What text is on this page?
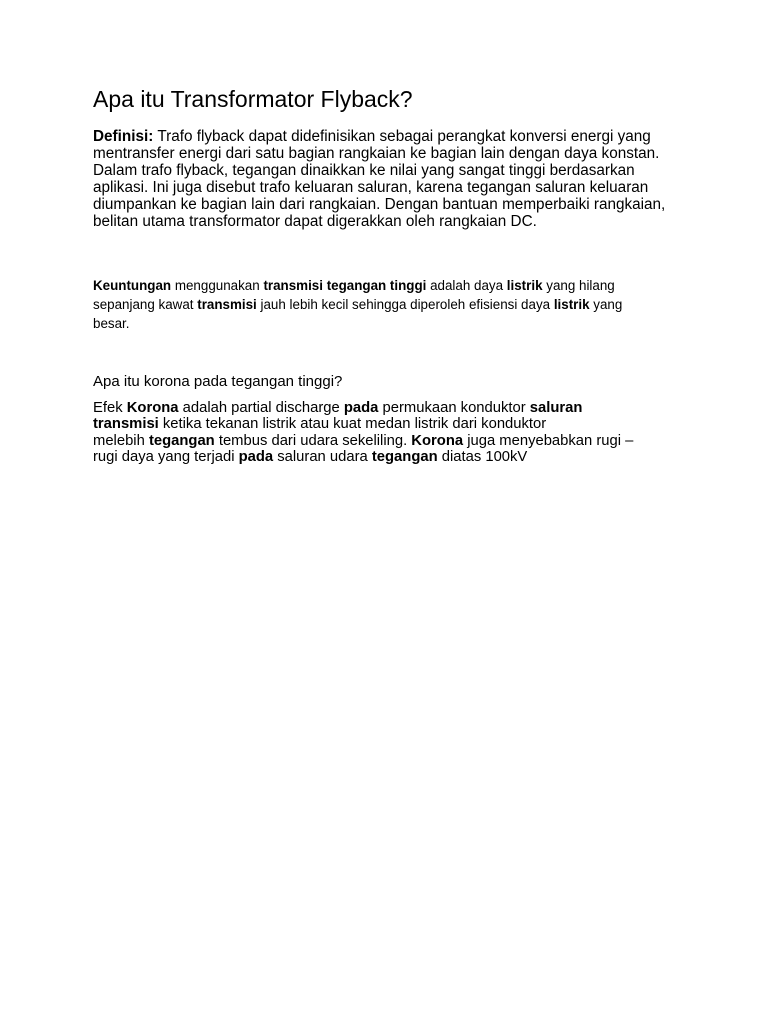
Apa itu Transformator Flyback?
Definisi: Trafo flyback dapat didefinisikan sebagai perangkat konversi energi yang
mentransfer energi dari satu bagian rangkaian ke bagian lain dengan daya konstan.
Dalam trafo flyback, tegangan dinaikkan ke nilai yang sangat tinggi berdasarkan
aplikasi. Ini juga disebut trafo keluaran saluran, karena tegangan saluran keluaran
diumpankan ke bagian lain dari rangkaian. Dengan bantuan memperbaiki rangkaian,
belitan utama transformator dapat digerakkan oleh rangkaian DC.
Keuntungan menggunakan transmisi tegangan tinggi adalah daya listrik yang hilang
sepanjang kawat transmisi jauh lebih kecil sehingga diperoleh efisiensi daya listrik yang
besar.

Apa itu korona pada tegangan tinggi?

Efek Korona adalah partial discharge pada permukaan konduktor saluran
transmisi ketika tekanan listrik atau kuat medan listrik dari konduktor
melebih tegangan tembus dari udara sekeliling. Korona juga menyebabkan rugi –
rugi daya yang terjadi pada saluran udara tegangan diatas 100kV
